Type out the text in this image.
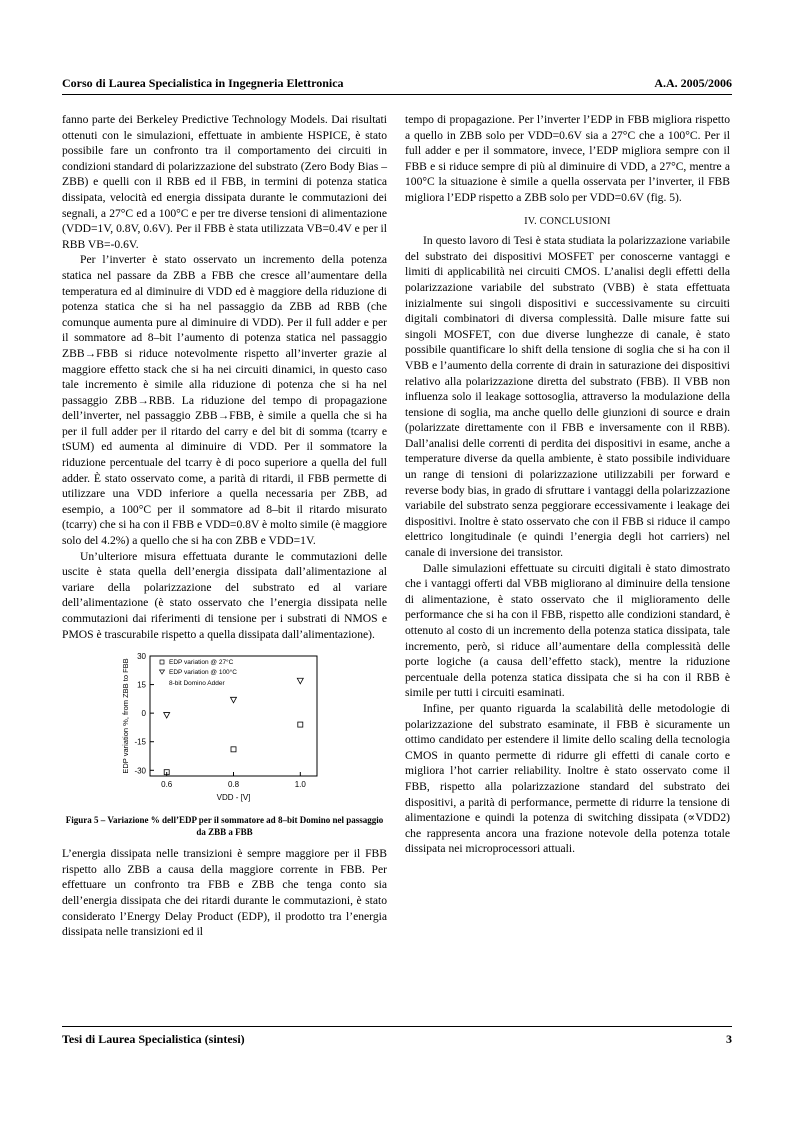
Corso di Laurea Specialistica in Ingegneria Elettronica	A.A. 2005/2006

fanno parte dei Berkeley Predictive Technology Models. Dai risultati ottenuti con le simulazioni, effettuate in ambiente HSPICE, è stato possibile fare un confronto tra il comportamento dei circuiti in condizioni standard di polarizzazione del substrato (Zero Body Bias – ZBB) e quelli con il RBB ed il FBB, in termini di potenza statica dissipata, velocità ed energia dissipata durante le commutazioni dei segnali, a 27°C ed a 100°C e per tre diverse tensioni di alimentazione (VDD=1V, 0.8V, 0.6V). Per il FBB è stata utilizzata VB=0.4V e per il RBB VB=-0.6V.

Per l’inverter è stato osservato un incremento della potenza statica nel passare da ZBB a FBB che cresce all’aumentare della temperatura ed al diminuire di VDD ed è maggiore della riduzione di potenza statica che si ha nel passaggio da ZBB ad RBB (che comunque aumenta pure al diminuire di VDD). Per il full adder e per il sommatore ad 8–bit l’aumento di potenza statica nel passaggio ZBB→FBB si riduce notevolmente rispetto all’inverter grazie al maggiore effetto stack che si ha nei circuiti dinamici, in questo caso tale incremento è simile alla riduzione di potenza che si ha nel passaggio ZBB→RBB. La riduzione del tempo di propagazione dell’inverter, nel passaggio ZBB→FBB, è simile a quella che si ha per il full adder per il ritardo del carry e del bit di somma (tcarry e tSUM) ed aumenta al diminuire di VDD. Per il sommatore la riduzione percentuale del tcarry è di poco superiore a quella del full adder. È stato osservato come, a parità di ritardi, il FBB permette di utilizzare una VDD inferiore a quella necessaria per ZBB, ad esempio, a 100°C per il sommatore ad 8–bit il ritardo misurato (tcarry) che si ha con il FBB e VDD=0.8V è molto simile (è maggiore solo del 4.2%) a quello che si ha con ZBB e VDD=1V.

Un’ulteriore misura effettuata durante le commutazioni delle uscite è stata quella dell’energia dissipata dall’alimentazione al variare della polarizzazione del substrato ed al variare dell’alimentazione (è stato osservato che l’energia dissipata nelle commutazioni dai riferimenti di tensione per i substrati di NMOS e PMOS è trascurabile rispetto a quella dissipata dall’alimentazione).

30
15
0
-15
-30
0.6	0.8	1.0
VDD - [V]
EDP variation %, from ZBB to FBB	EDP variation @ 27°C
EDP variation @ 100°C
8-bit Domino Adder
Figura 5 – Variazione % dell’EDP per il sommatore ad 8–bit Domino nel passaggio da ZBB a FBB

L’energia dissipata nelle transizioni è sempre maggiore per il FBB rispetto allo ZBB a causa della maggiore corrente in FBB. Per effettuare un confronto tra FBB e ZBB che tenga conto sia dell’energia dissipata che dei ritardi durante le commutazioni, è stato considerato l’Energy Delay Product (EDP), il prodotto tra l’energia dissipata nelle transizioni ed il

tempo di propagazione. Per l’inverter l’EDP in FBB migliora rispetto a quello in ZBB solo per VDD=0.6V sia a 27°C che a 100°C. Per il full adder e per il sommatore, invece, l’EDP migliora sempre con il FBB e si riduce sempre di più al diminuire di VDD, a 27°C, mentre a 100°C la situazione è simile a quella osservata per l’inverter, il FBB migliora l’EDP rispetto a ZBB solo per VDD=0.6V (fig. 5).

IV. CONCLUSIONI

In questo lavoro di Tesi è stata studiata la polarizzazione variabile del substrato dei dispositivi MOSFET per conoscerne vantaggi e limiti di applicabilità nei circuiti CMOS. L’analisi degli effetti della polarizzazione variabile del substrato (VBB) è stata effettuata inizialmente sui singoli dispositivi e successivamente su circuiti digitali combinatori di diversa complessità. Dalle misure fatte sui singoli MOSFET, con due diverse lunghezze di canale, è stato possibile quantificare lo shift della tensione di soglia che si ha con il VBB e l’aumento della corrente di drain in saturazione dei dispositivi relativo alla polarizzazione diretta del substrato (FBB). Il VBB non influenza solo il leakage sottosoglia, attraverso la modulazione della tensione di soglia, ma anche quello delle giunzioni di source e drain (polarizzate direttamente con il FBB e inversamente con il RBB). Dall’analisi delle correnti di perdita dei dispositivi in esame, anche a temperature diverse da quella ambiente, è stato possibile individuare un range di tensioni di polarizzazione utilizzabili per forward e reverse body bias, in grado di sfruttare i vantaggi della polarizzazione variabile del substrato senza peggiorare eccessivamente i leakage dei dispositivi. Inoltre è stato osservato che con il FBB si riduce il campo elettrico longitudinale (e quindi l’energia degli hot carriers) nel canale di inversione dei transistor.

Dalle simulazioni effettuate su circuiti digitali è stato dimostrato che i vantaggi offerti dal VBB migliorano al diminuire della tensione di alimentazione, è stato osservato che il miglioramento delle performance che si ha con il FBB, rispetto alle condizioni standard, è ottenuto al costo di un incremento della potenza statica dissipata, tale incremento, però, si riduce all’aumentare della complessità delle porte logiche (a causa dell’effetto stack), mentre la riduzione percentuale della potenza statica dissipata che si ha con il RBB è simile per tutti i circuiti esaminati.

Infine, per quanto riguarda la scalabilità delle metodologie di polarizzazione del substrato esaminate, il FBB è sicuramente un ottimo candidato per estendere il limite dello scaling della tecnologia CMOS in quanto permette di ridurre gli effetti di canale corto e migliora l’hot carrier reliability. Inoltre è stato osservato come il FBB, rispetto alla polarizzazione standard del substrato dei dispositivi, a parità di performance, permette di ridurre la tensione di alimentazione e quindi la potenza di switching dissipata (∝VDD2) che rappresenta ancora una frazione notevole della potenza totale dissipata nei microprocessori attuali.

Tesi di Laurea Specialistica (sintesi)	3
